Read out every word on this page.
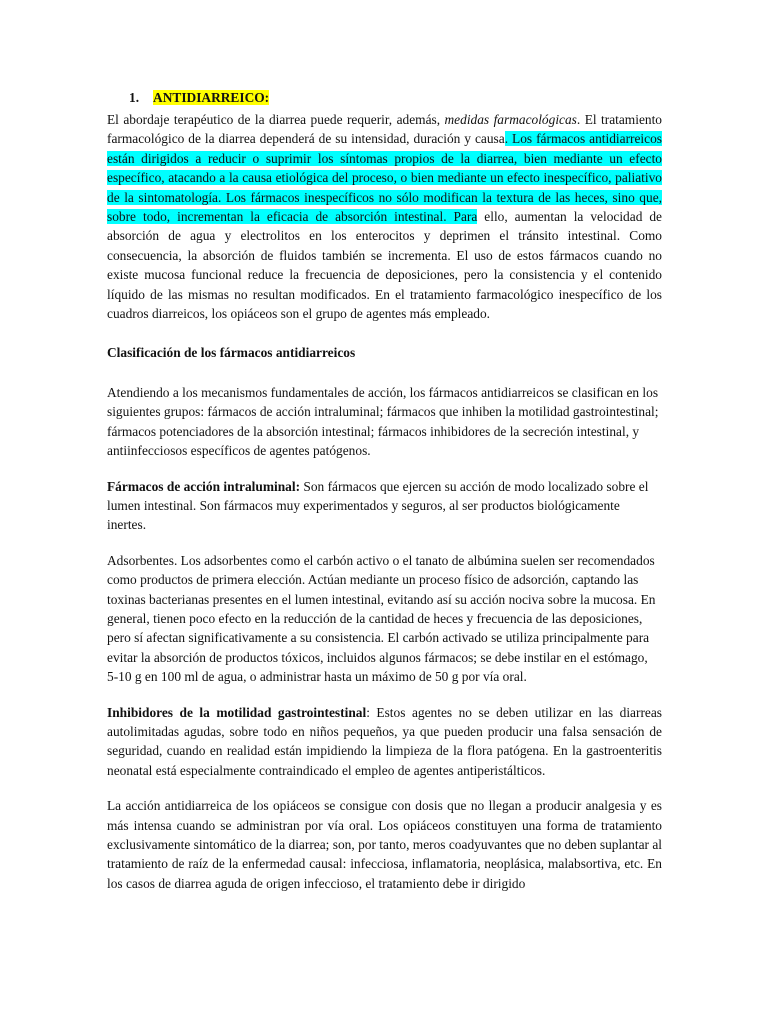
1. ANTIDIARREICO:

El abordaje terapéutico de la diarrea puede requerir, además, medidas farmacológicas. El tratamiento farmacológico de la diarrea dependerá de su intensidad, duración y causa. Los fármacos antidiarreicos están dirigidos a reducir o suprimir los síntomas propios de la diarrea, bien mediante un efecto específico, atacando a la causa etiológica del proceso, o bien mediante un efecto inespecífico, paliativo de la sintomatología. Los fármacos inespecíficos no sólo modifican la textura de las heces, sino que, sobre todo, incrementan la eficacia de absorción intestinal. Para ello, aumentan la velocidad de absorción de agua y electrolitos en los enterocitos y deprimen el tránsito intestinal. Como consecuencia, la absorción de fluidos también se incrementa. El uso de estos fármacos cuando no existe mucosa funcional reduce la frecuencia de deposiciones, pero la consistencia y el contenido líquido de las mismas no resultan modificados. En el tratamiento farmacológico inespecífico de los cuadros diarreicos, los opiáceos son el grupo de agentes más empleado.

Clasificación de los fármacos antidiarreicos

Atendiendo a los mecanismos fundamentales de acción, los fármacos antidiarreicos se clasifican en los siguientes grupos: fármacos de acción intraluminal; fármacos que inhiben la motilidad gastrointestinal; fármacos potenciadores de la absorción intestinal; fármacos inhibidores de la secreción intestinal, y antiinfecciosos específicos de agentes patógenos.

Fármacos de acción intraluminal: Son fármacos que ejercen su acción de modo localizado sobre el lumen intestinal. Son fármacos muy experimentados y seguros, al ser productos biológicamente inertes.

Adsorbentes. Los adsorbentes como el carbón activo o el tanato de albúmina suelen ser recomendados como productos de primera elección. Actúan mediante un proceso físico de adsorción, captando las toxinas bacterianas presentes en el lumen intestinal, evitando así su acción nociva sobre la mucosa. En general, tienen poco efecto en la reducción de la cantidad de heces y frecuencia de las deposiciones, pero sí afectan significativamente a su consistencia. El carbón activado se utiliza principalmente para evitar la absorción de productos tóxicos, incluidos algunos fármacos; se debe instilar en el estómago, 5-10 g en 100 ml de agua, o administrar hasta un máximo de 50 g por vía oral.

Inhibidores de la motilidad gastrointestinal: Estos agentes no se deben utilizar en las diarreas autolimitadas agudas, sobre todo en niños pequeños, ya que pueden producir una falsa sensación de seguridad, cuando en realidad están impidiendo la limpieza de la flora patógena. En la gastroenteritis neonatal está especialmente contraindicado el empleo de agentes antiperistálticos.

La acción antidiarreica de los opiáceos se consigue con dosis que no llegan a producir analgesia y es más intensa cuando se administran por vía oral. Los opiáceos constituyen una forma de tratamiento exclusivamente sintomático de la diarrea; son, por tanto, meros coadyuvantes que no deben suplantar al tratamiento de raíz de la enfermedad causal: infecciosa, inflamatoria, neoplásica, malabsortiva, etc. En los casos de diarrea aguda de origen infeccioso, el tratamiento debe ir dirigido
